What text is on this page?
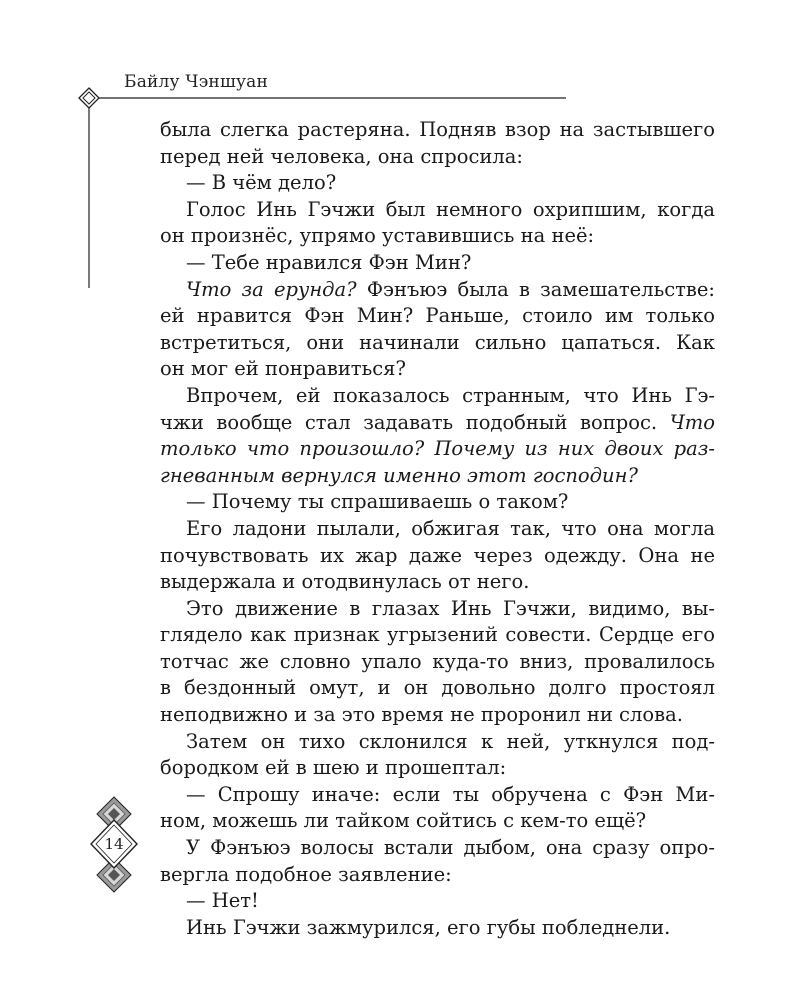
Байлу Чэншуан
была слегка растеряна. Подняв взор на застывшего
перед ней человека, она спросила:
— В чём дело?
Голос Инь Гэчжи был немного охрипшим, когда
он произнёс, упрямо уставившись на неё:
— Тебе нравился Фэн Мин?
Что за ерунда? Фэнъюэ была в замешательстве:
ей нравится Фэн Мин? Раньше, стоило им только
встретиться, они начинали сильно цапаться. Как
он мог ей понравиться?
Впрочем, ей показалось странным, что Инь Гэ-
чжи вообще стал задавать подобный вопрос. Что
только что произошло? Почему из них двоих раз-
гневанным вернулся именно этот господин?
— Почему ты спрашиваешь о таком?
Его ладони пылали, обжигая так, что она могла
почувствовать их жар даже через одежду. Она не
выдержала и отодвинулась от него.
Это движение в глазах Инь Гэчжи, видимо, вы-
глядело как признак угрызений совести. Сердце его
тотчас же словно упало куда-то вниз, провалилось
в бездонный омут, и он довольно долго простоял
неподвижно и за это время не проронил ни слова.
Затем он тихо склонился к ней, уткнулся под-
бородком ей в шею и прошептал:
— Спрошу иначе: если ты обручена с Фэн Ми-
ном, можешь ли тайком сойтись с кем-то ещё?
У Фэнъюэ волосы встали дыбом, она сразу опро-
вергла подобное заявление:
— Нет!
Инь Гэчжи зажмурился, его губы побледнели.
14
